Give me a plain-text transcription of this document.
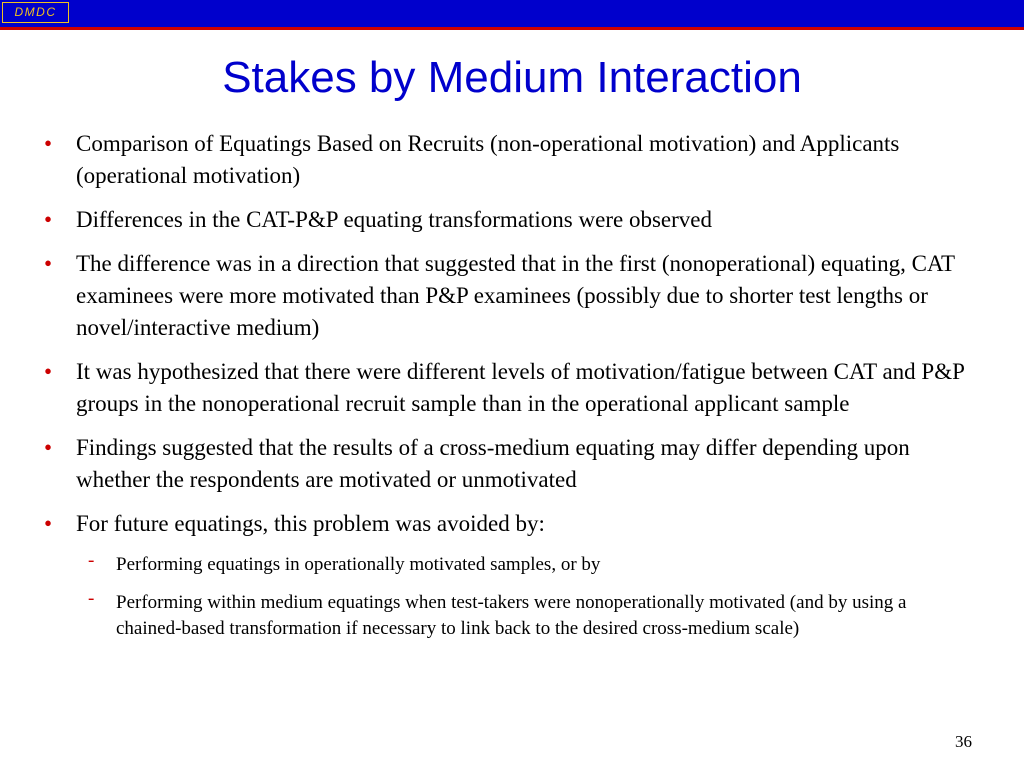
DMDC
Stakes by Medium Interaction
• Comparison of Equatings Based on Recruits (non-operational motivation) and Applicants (operational motivation)
• Differences in the CAT-P&P equating transformations were observed
• The difference was in a direction that suggested that in the first (nonoperational) equating, CAT examinees were more motivated than P&P examinees (possibly due to shorter test lengths or novel/interactive medium)
• It was hypothesized that there were different levels of motivation/fatigue between CAT and P&P groups in the nonoperational recruit sample than in the operational applicant sample
• Findings suggested that the results of a cross-medium equating may differ depending upon whether the respondents are motivated or unmotivated
• For future equatings, this problem was avoided by:
- Performing equatings in operationally motivated samples, or by
- Performing within medium equatings when test-takers were nonoperationally motivated (and by using a chained-based transformation if necessary to link back to the desired cross-medium scale)
36
